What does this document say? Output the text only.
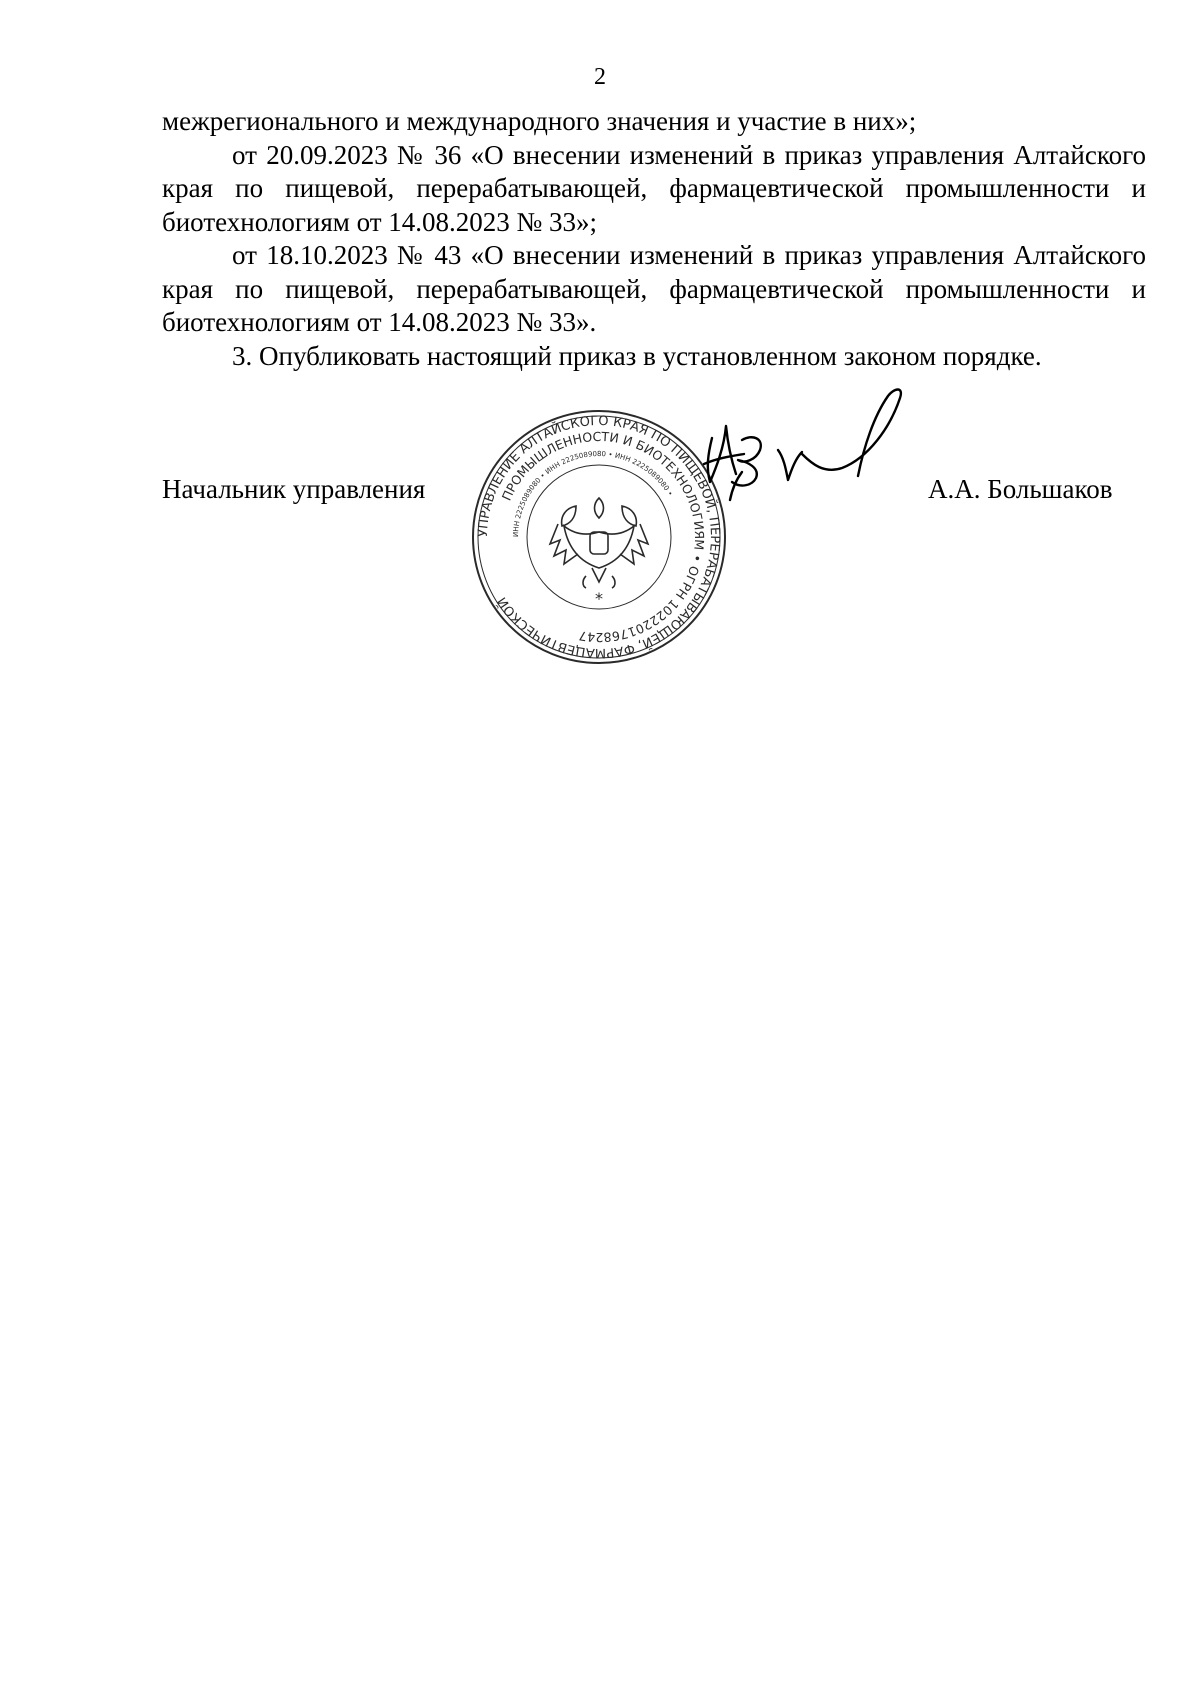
2

межрегионального и международного значения и участие в них»;

от 20.09.2023 № 36 «О внесении изменений в приказ управления Алтайского края по пищевой, перерабатывающей, фармацевтической промышленности и биотехнологиям от 14.08.2023 № 33»;

от 18.10.2023 № 43 «О внесении изменений в приказ управления Алтайского края по пищевой, перерабатывающей, фармацевтической промышленности и биотехнологиям от 14.08.2023 № 33».

3. Опубликовать настоящий приказ в установленном законом порядке.

Начальник управления
УПРАВЛЕНИЕ АЛТАЙСКОГО КРАЯ ПО ПИЩЕВОЙ, ПЕРЕРАБАТЫВАЮЩЕЙ, ФАРМАЦЕВТИЧЕСКОЙ
ПРОМЫШЛЕННОСТИ И БИОТЕХНОЛОГИЯМ • ОГРН 1022201768247
ИНН 2225089080 • ИНН 2225089080 • ИНН 2225089080 •
*
А.А. Большаков
